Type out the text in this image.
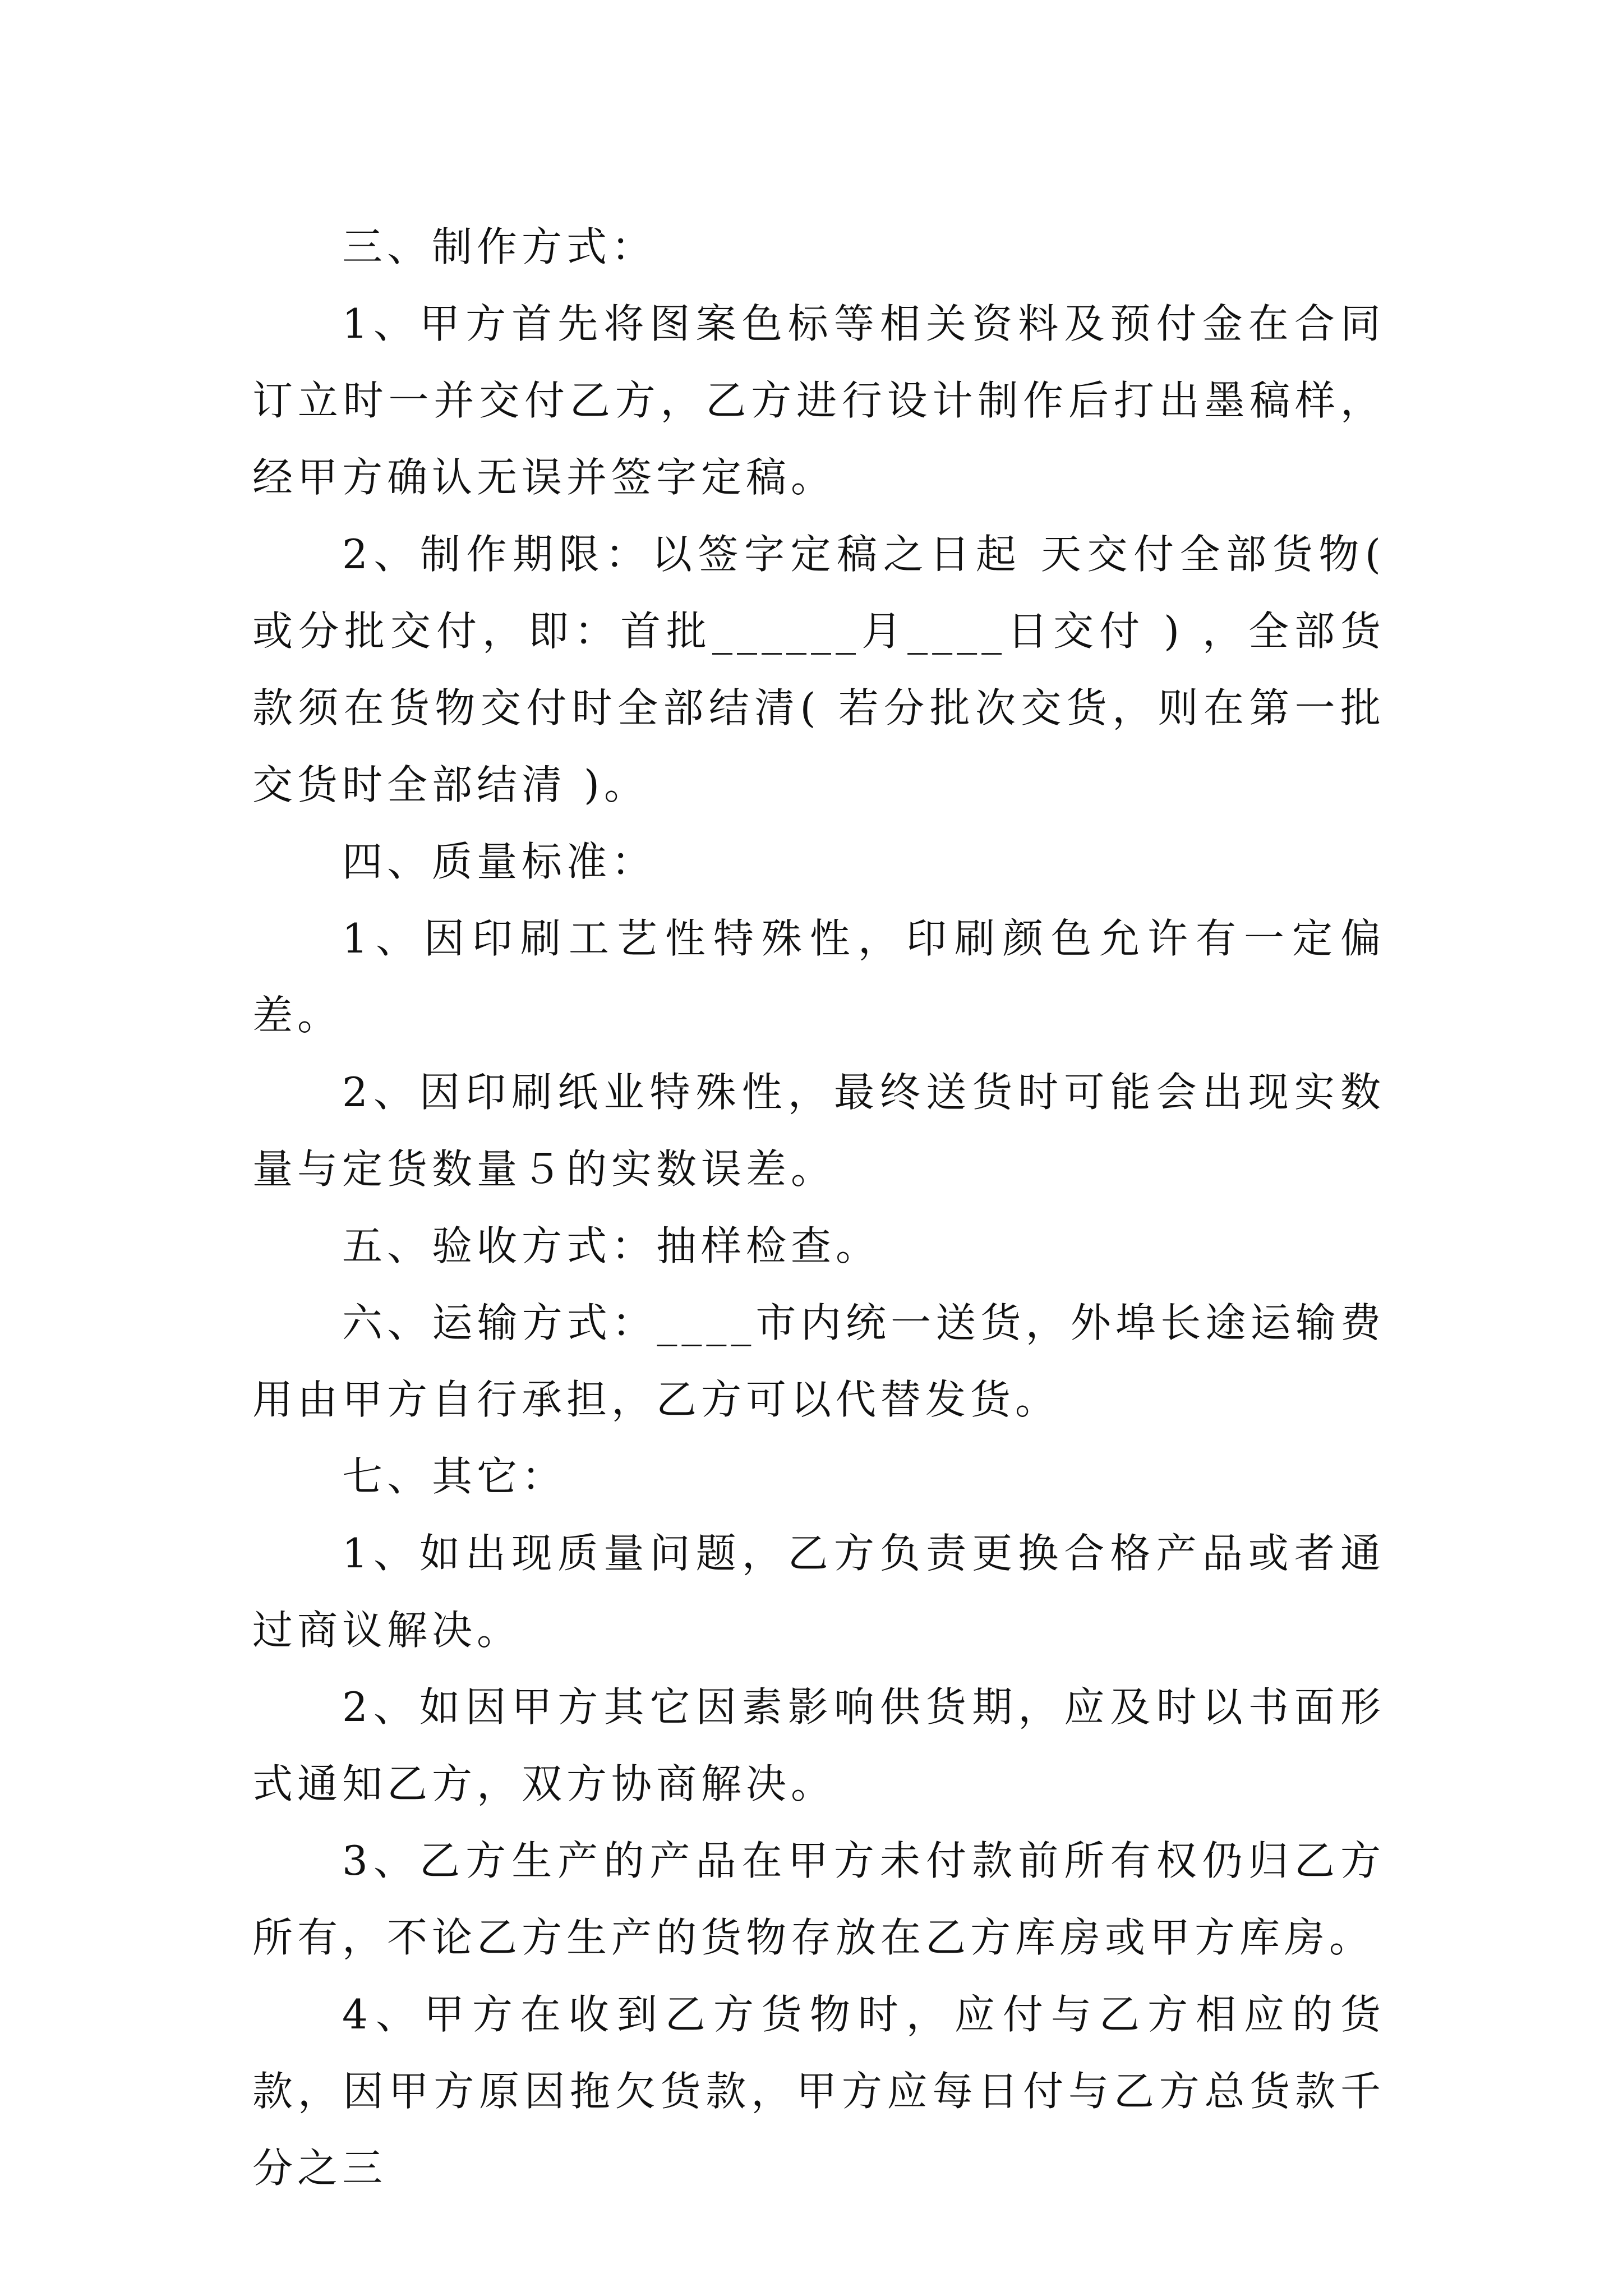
三、制作方式：

1、甲方首先将图案色标等相关资料及预付金在合同订立时一并交付乙方，乙方进行设计制作后打出墨稿样，经甲方确认无误并签字定稿。

2、制作期限：以签字定稿之日起 天交付全部货物( 或分批交付，即：首批______月____日交付 ) ，全部货款须在货物交付时全部结清( 若分批次交货，则在第一批交货时全部结清 )。

四、质量标准：

1、因印刷工艺性特殊性，印刷颜色允许有一定偏差。

2、因印刷纸业特殊性，最终送货时可能会出现实数量与定货数量５的实数误差。

五、验收方式：抽样检查。

六、运输方式：____市内统一送货，外埠长途运输费用由甲方自行承担，乙方可以代替发货。

七、其它：

1、如出现质量问题，乙方负责更换合格产品或者通过商议解决。

2、如因甲方其它因素影响供货期，应及时以书面形式通知乙方，双方协商解决。

3、乙方生产的产品在甲方未付款前所有权仍归乙方所有，不论乙方生产的货物存放在乙方库房或甲方库房。

4、甲方在收到乙方货物时，应付与乙方相应的货款，因甲方原因拖欠货款，甲方应每日付与乙方总货款千分之三
